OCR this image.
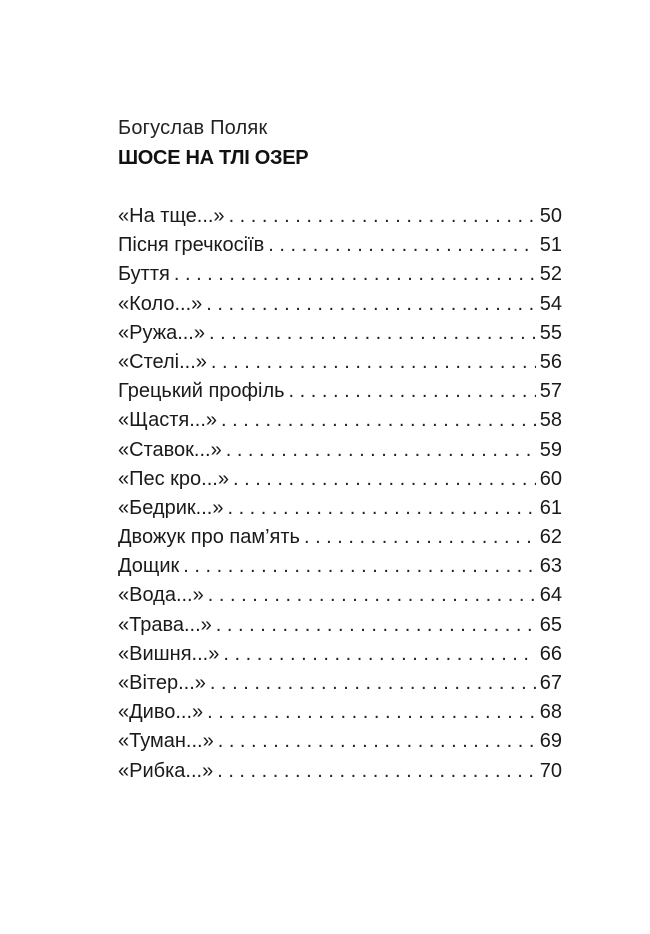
Богуслав Поляк
ШОСЕ НА ТЛІ ОЗЕР
«На тще...» . . .	50
Пісня гречкосіїв . . .	51
Буття . . .	52
«Коло...» . . .	54
«Ружа...» . . .	55
«Стелі...» . . .	56
Грецький профіль . . .	57
«Щастя...» . . .	58
«Ставок...» . . .	59
«Пес кро...» . . .	60
«Бедрик...» . . .	61
Двожук про пам’ять . . .	62
Дощик . . .	63
«Вода...» . . .	64
«Трава...» . . .	65
«Вишня...» . . .	66
«Вітер...» . . .	67
«Диво...» . . .	68
«Туман...» . . .	69
«Рибка...» . . .	70
